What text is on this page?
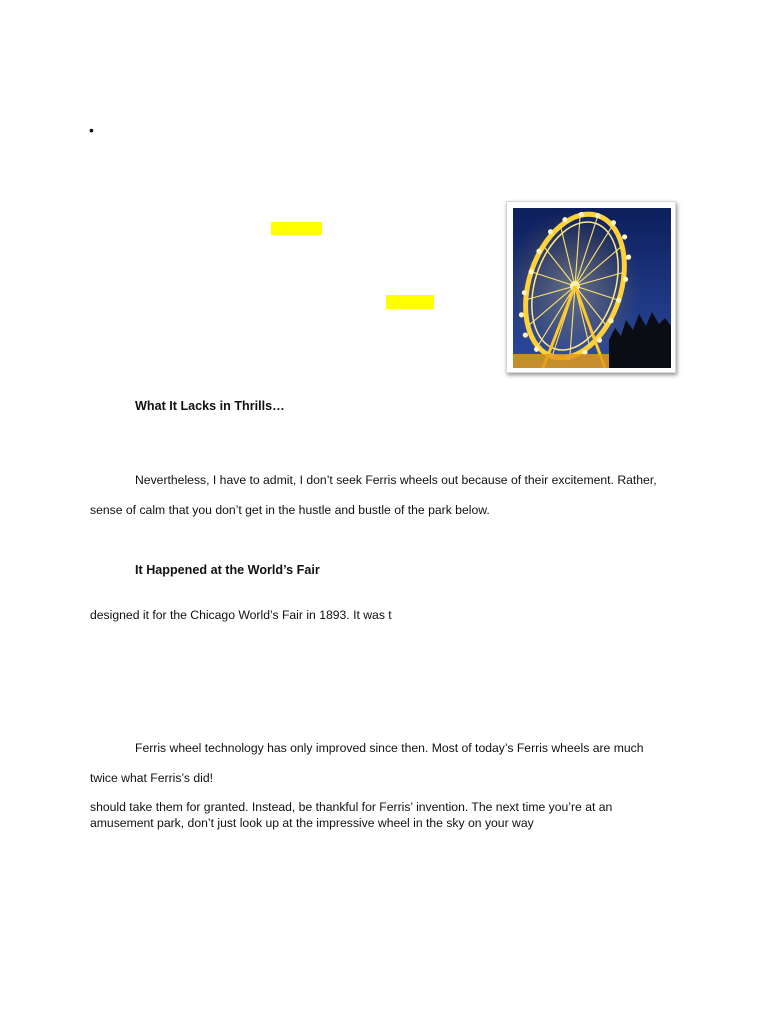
•
What It Lacks in Thrills…
Nevertheless, I have to admit, I don’t seek Ferris wheels out because of their excitement. Rather,
sense of calm that you don’t get in the hustle and bustle of the park below.
It Happened at the World’s Fair
designed it for the Chicago World’s Fair in 1893. It was t
Ferris wheel technology has only improved since then. Most of today’s Ferris wheels are much
twice what Ferris’s did!
should take them for granted. Instead, be thankful for Ferris’ invention. The next time you’re at an
amusement park, don’t just look up at the impressive wheel in the sky on your way
